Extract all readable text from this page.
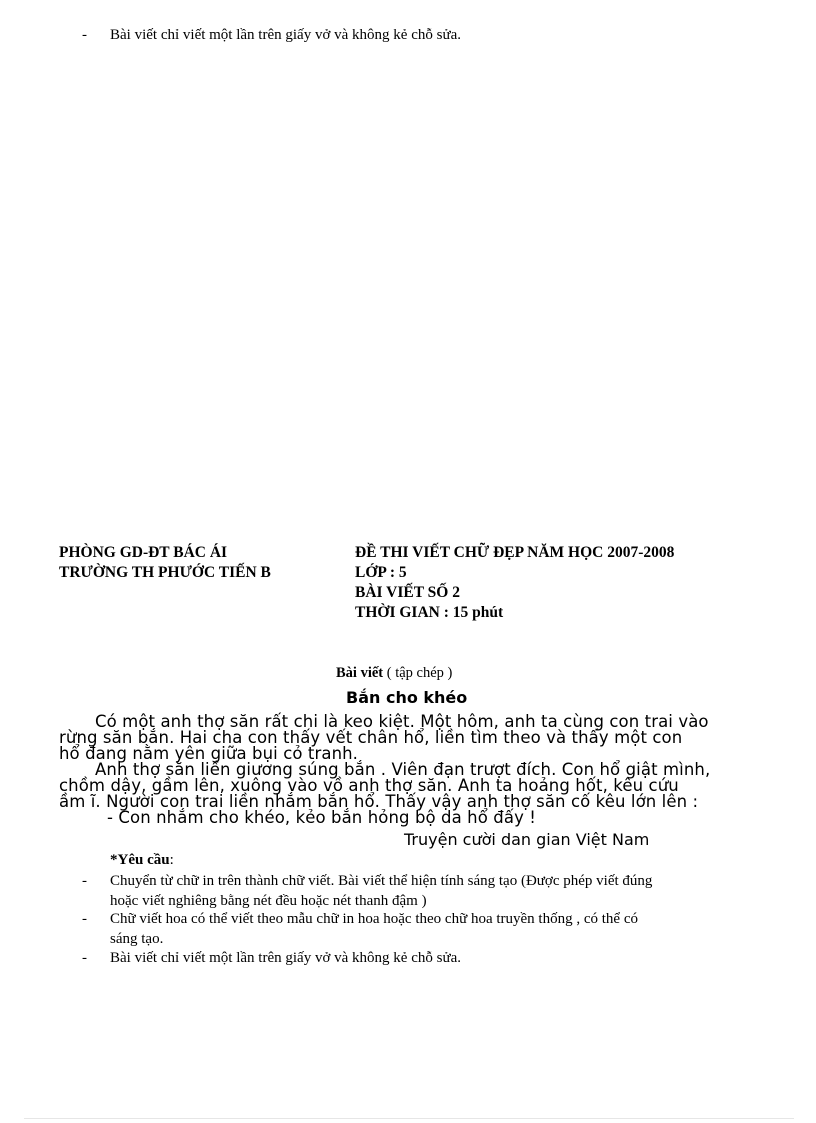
- Bài viết chỉ viết một lần trên giấy vở và không kẻ chỗ sửa.
PHÒNG GD-ĐT BÁC ÁI
TRƯỜNG TH PHƯỚC TIẾN B
ĐỀ THI VIẾT CHỮ ĐẸP NĂM HỌC 2007-2008
LỚP : 5
BÀI VIẾT SỐ 2
THỜI GIAN : 15 phút
Bài viết ( tập chép )
Bắn cho khéo
Có một anh thợ săn rất chi là keo kiệt. Một hôm, anh ta cùng con trai vào
rừng săn bắn. Hai cha con thấy vết chân hổ, liền tìm theo và thấy một con
hổ đang nằm yên giữa bụi cỏ tranh.
Anh thợ săn liền giương súng bắn . Viên đạn trượt đích. Con hổ giật mình,
chồm dậy, gầm lên, xuông vào vồ anh thợ săn. Anh ta hoảng hốt, kêu cứu
ầm ĩ. Người con trai liền nhắm bắn hổ. Thấy vậy anh thợ săn cố kêu lớn lên :
- Con nhắm cho khéo, kẻo bắn hỏng bộ da hổ đấy !
Truyện cười dan gian Việt Nam
*Yêu cầu:
- Chuyển từ chữ in trên thành chữ viết. Bài viết thể hiện tính sáng tạo (Được phép viết đúng
hoặc viết nghiêng bằng nét đều hoặc nét thanh đậm )
- Chữ viết hoa có thể viết theo mẫu chữ in hoa hoặc theo chữ hoa truyền thống , có thể có
sáng tạo.
- Bài viết chỉ viết một lần trên giấy vở và không kẻ chỗ sửa.
